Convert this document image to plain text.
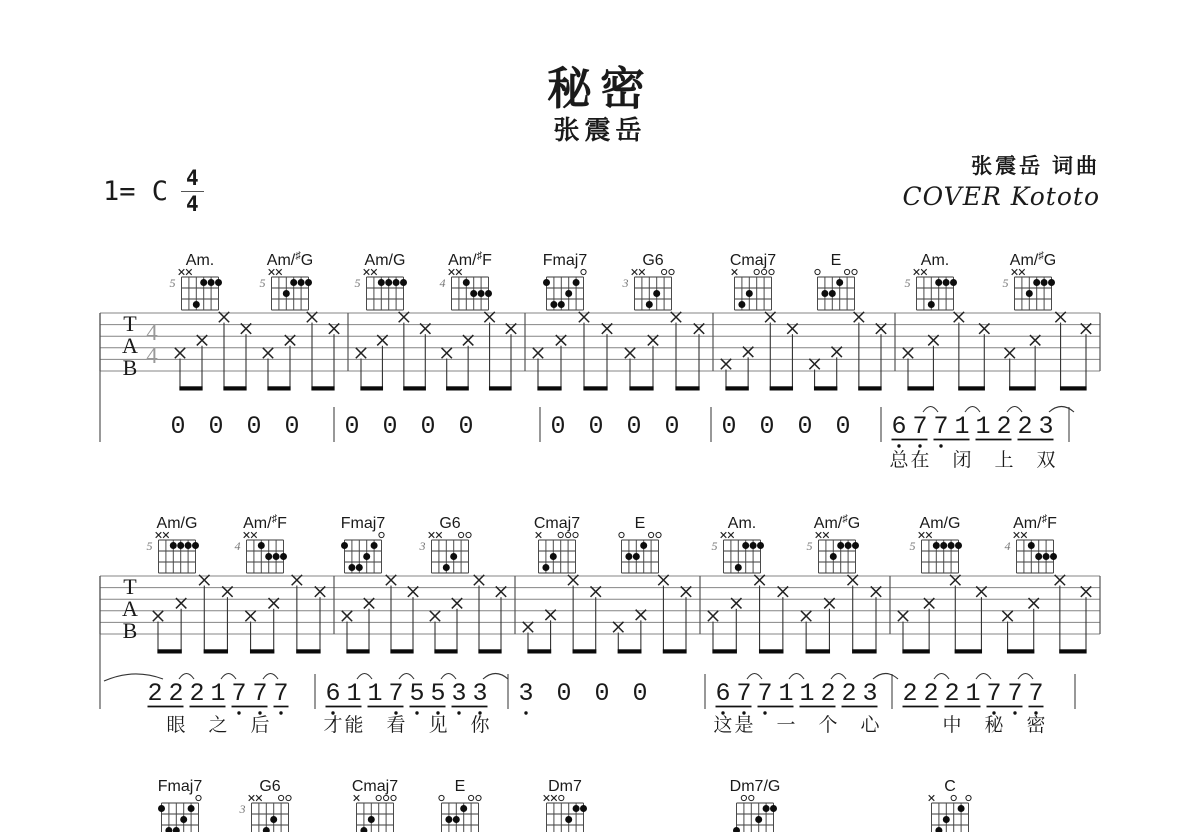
秘密
张震岳
张震岳 词曲
COVER Kototo
1= C $\frac{4}{4}$
Am.
5
Am/♯G
5
Am/G
5
Am/♯F
4
Fmaj7	G6
3
Cmaj7	E	Am.
5
Am/♯G
5
T
A
B
4
4
0 0 0 0 0 0 0 0	0 0 0 0 0 0 0 0 6 7 7 1 1 2 2 3
总 在 闭 上 双
Am/G
5
Am/♯F
4
Fmaj7	G6
3
Cmaj7	E	Am.
5
Am/♯G
5
Am/G
5
Am/♯F
4
T
A
B
2 2 2 1 7 7 7
眼 之 后
6 1 1 7 5 5 3 3
才 能 看 见 你
3 0 0 0	6 7 7 1 1 2 2 3
这 是 一 个 心
2 2 2 1 7 7 7
中 秘 密
Fmaj7	G6
3
Cmaj7	E	Dm7	Dm7/G	C
